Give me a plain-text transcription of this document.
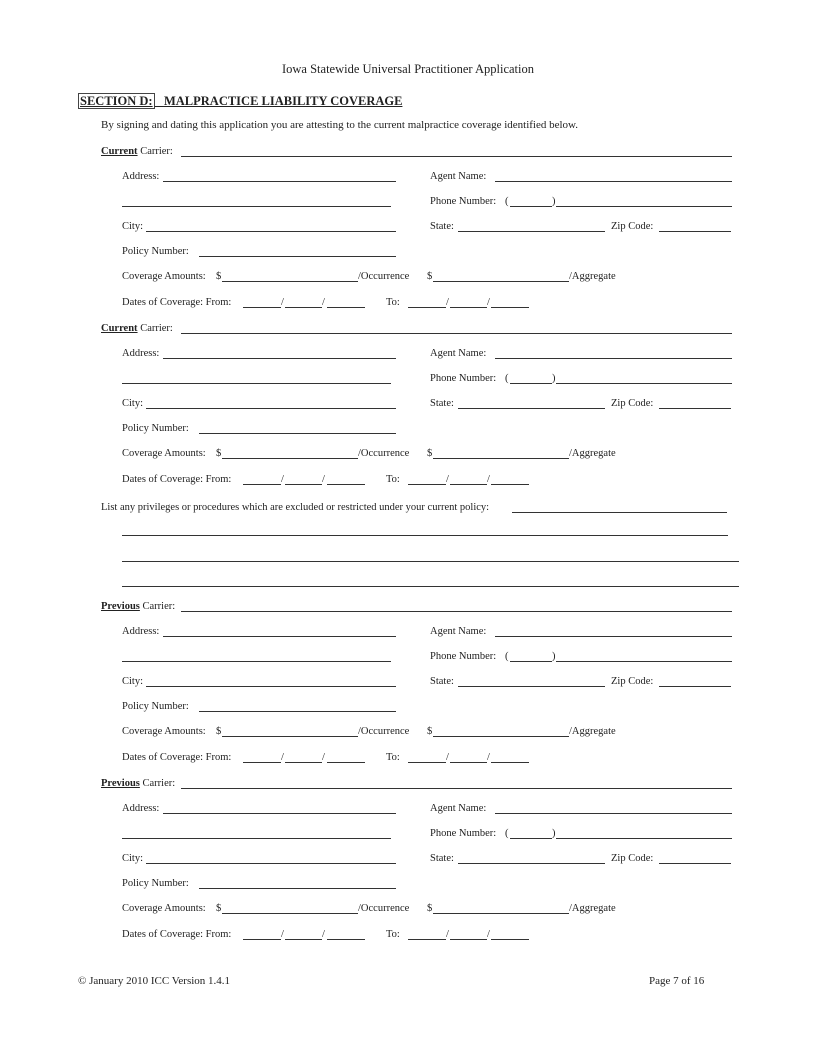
Iowa Statewide Universal Practitioner Application
SECTION D: MALPRACTICE LIABILITY COVERAGE
By signing and dating this application you are attesting to the current malpractice coverage identified below.
Current Carrier:
Address:	Agent Name:
Phone Number: (	)
City:	State:	Zip Code:
Policy Number:
Coverage Amounts: $	/Occurrence $	/Aggregate
Dates of Coverage: From:	/	/	To:	/	/
Current Carrier:
Address:	Agent Name:
Phone Number: (	)
City:	State:	Zip Code:
Policy Number:
Coverage Amounts: $	/Occurrence $	/Aggregate
Dates of Coverage: From:	/	/	To:	/	/
Previous Carrier:
Address:	Agent Name:
Phone Number: (	)
City:	State:	Zip Code:
Policy Number:
Coverage Amounts: $	/Occurrence $	/Aggregate
Dates of Coverage: From:	/	/	To:	/	/
Previous Carrier:
Address:	Agent Name:
Phone Number: (	)
City:	State:	Zip Code:
Policy Number:
Coverage Amounts: $	/Occurrence $	/Aggregate
Dates of Coverage: From:	/	/	To:	/	/
List any privileges or procedures which are excluded or restricted under your current policy:
© January 2010 ICC Version 1.4.1	Page 7 of 16
